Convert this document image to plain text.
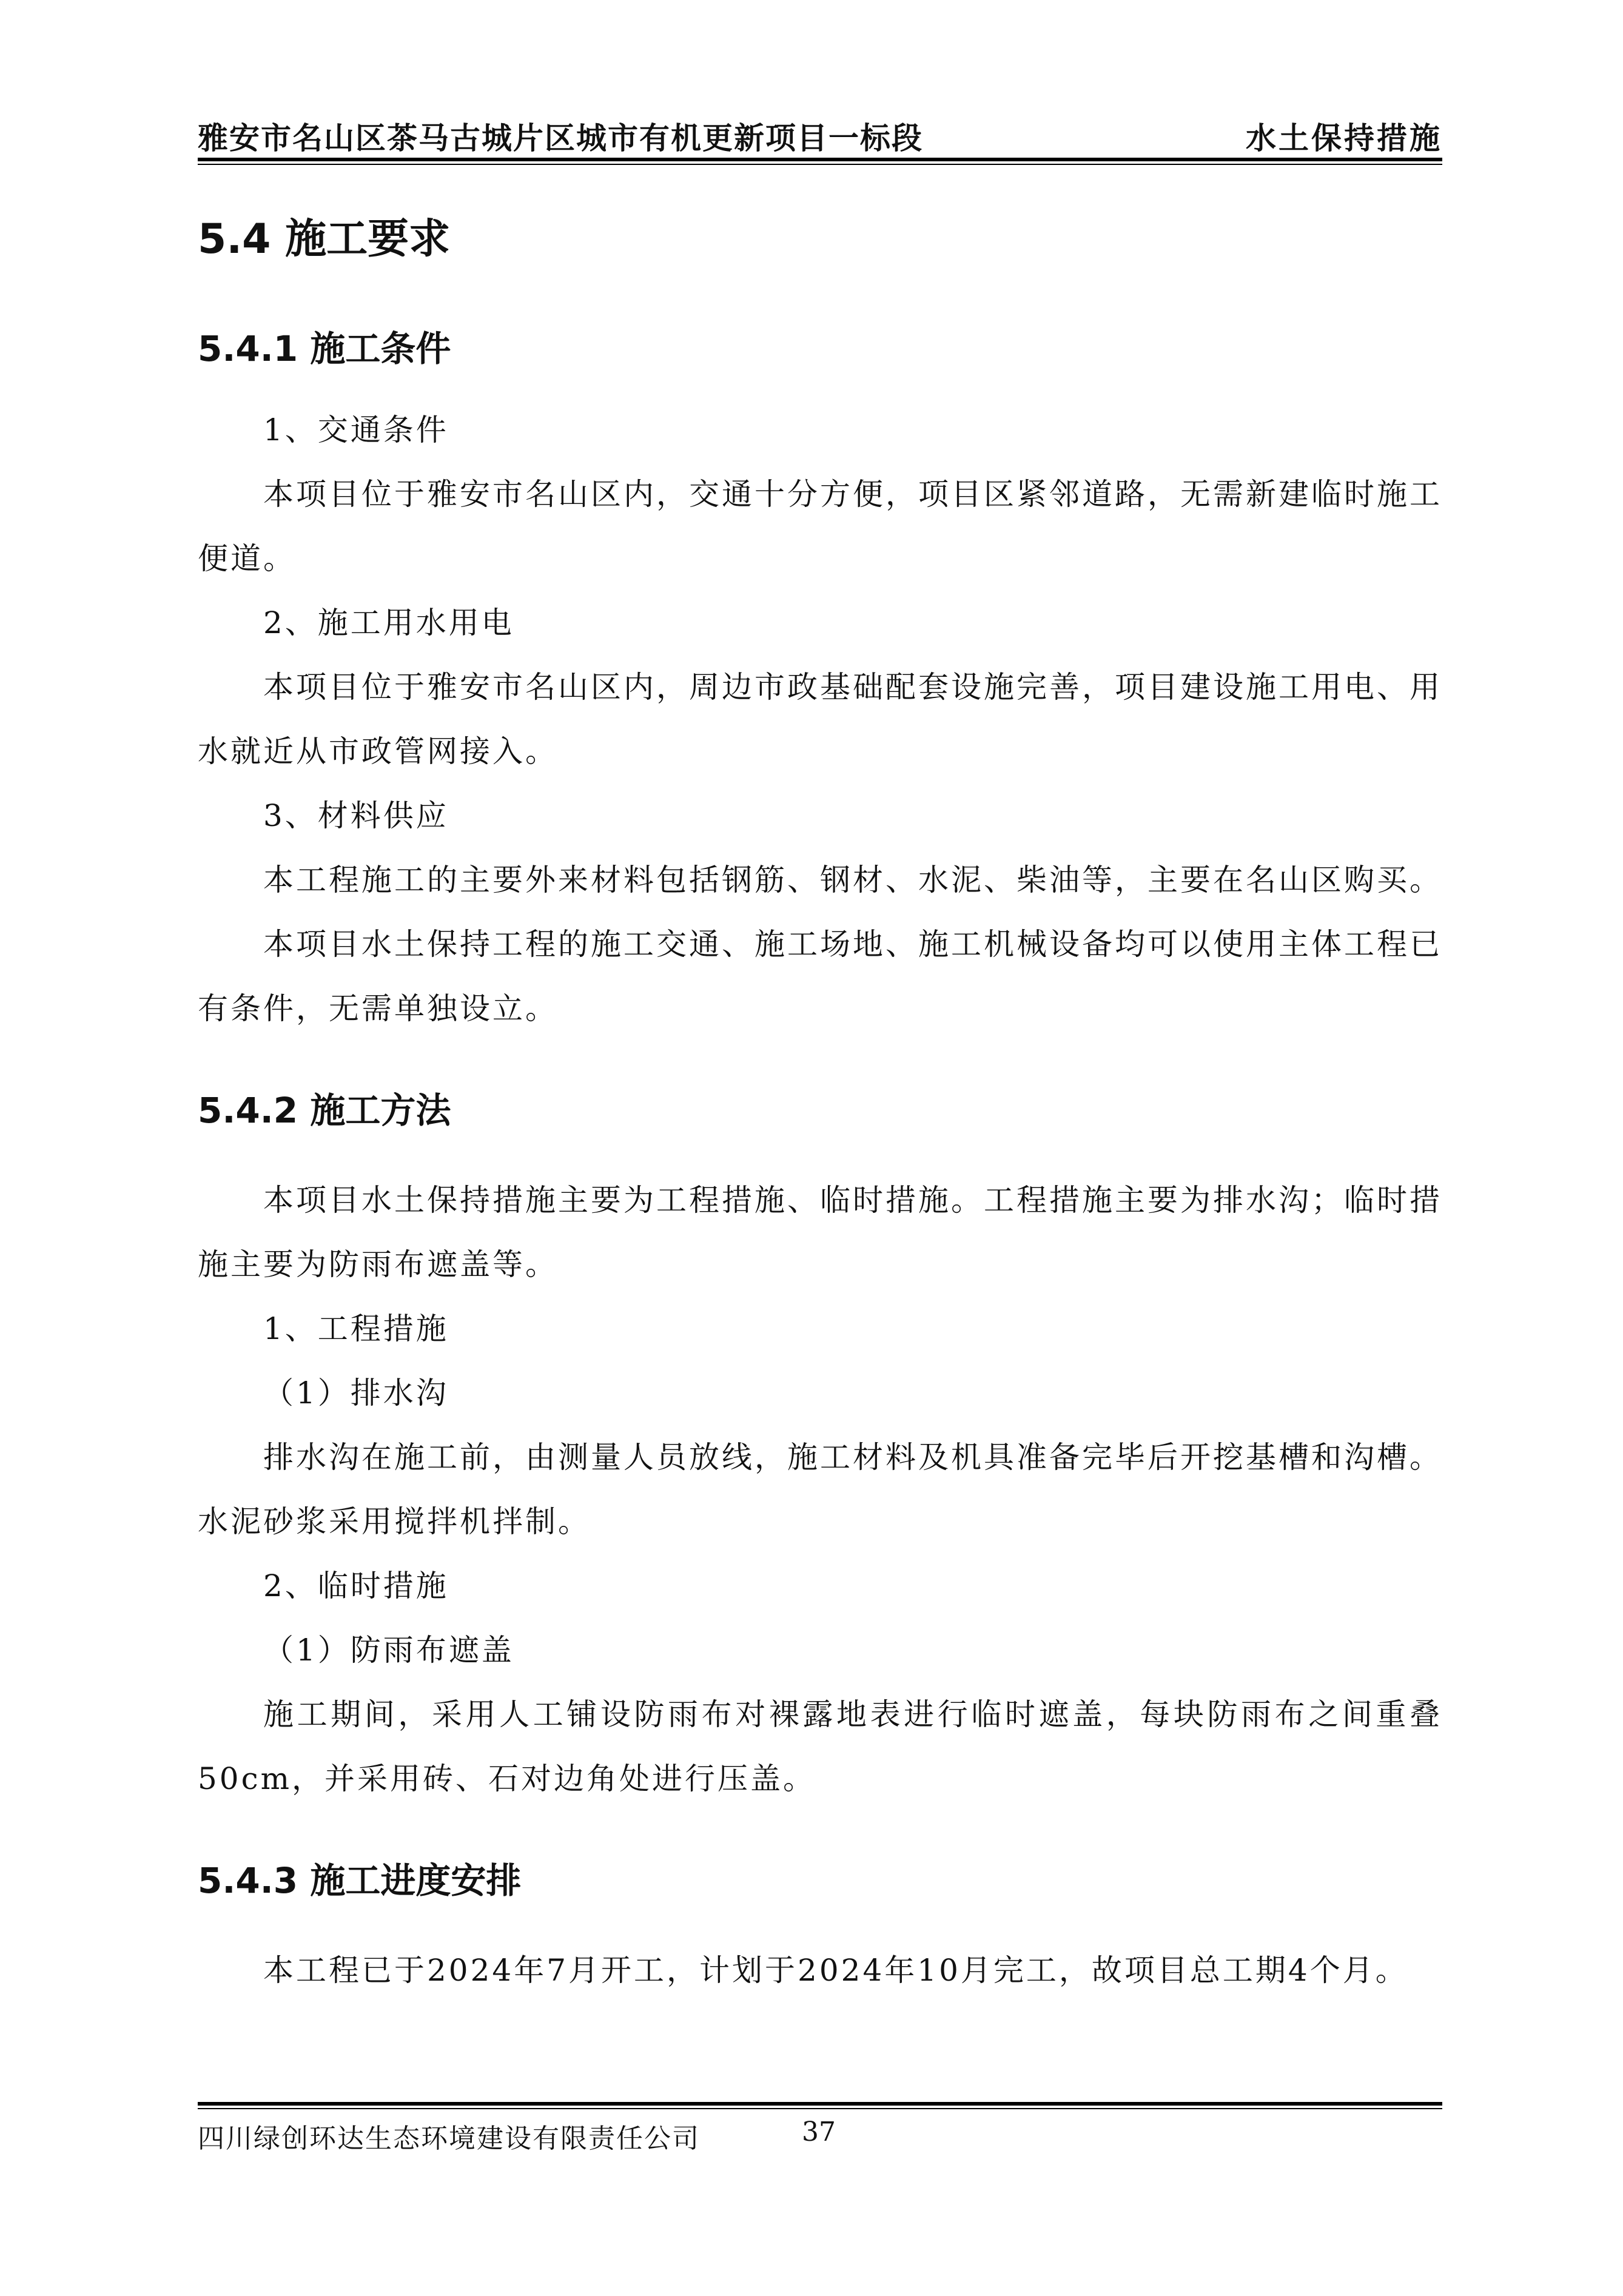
雅安市名山区茶马古城片区城市有机更新项目一标段	水土保持措施
5.4 施工要求
5.4.1 施工条件

1、交通条件

本项目位于雅安市名山区内，交通十分方便，项目区紧邻道路，无需新建临时施工便道。

2、施工用水用电

本项目位于雅安市名山区内，周边市政基础配套设施完善，项目建设施工用电、用水就近从市政管网接入。

3、材料供应

本工程施工的主要外来材料包括钢筋、钢材、水泥、柴油等，主要在名山区购买。

本项目水土保持工程的施工交通、施工场地、施工机械设备均可以使用主体工程已有条件，无需单独设立。

5.4.2 施工方法

本项目水土保持措施主要为工程措施、临时措施。工程措施主要为排水沟；临时措施主要为防雨布遮盖等。

1、工程措施

（1）排水沟

排水沟在施工前，由测量人员放线，施工材料及机具准备完毕后开挖基槽和沟槽。水泥砂浆采用搅拌机拌制。

2、临时措施

（1）防雨布遮盖

施工期间，采用人工铺设防雨布对裸露地表进行临时遮盖，每块防雨布之间重叠50cm，并采用砖、石对边角处进行压盖。

5.4.3 施工进度安排

本工程已于2024年7月开工，计划于2024年10月完工，故项目总工期4个月。

四川绿创环达生态环境建设有限责任公司	37
